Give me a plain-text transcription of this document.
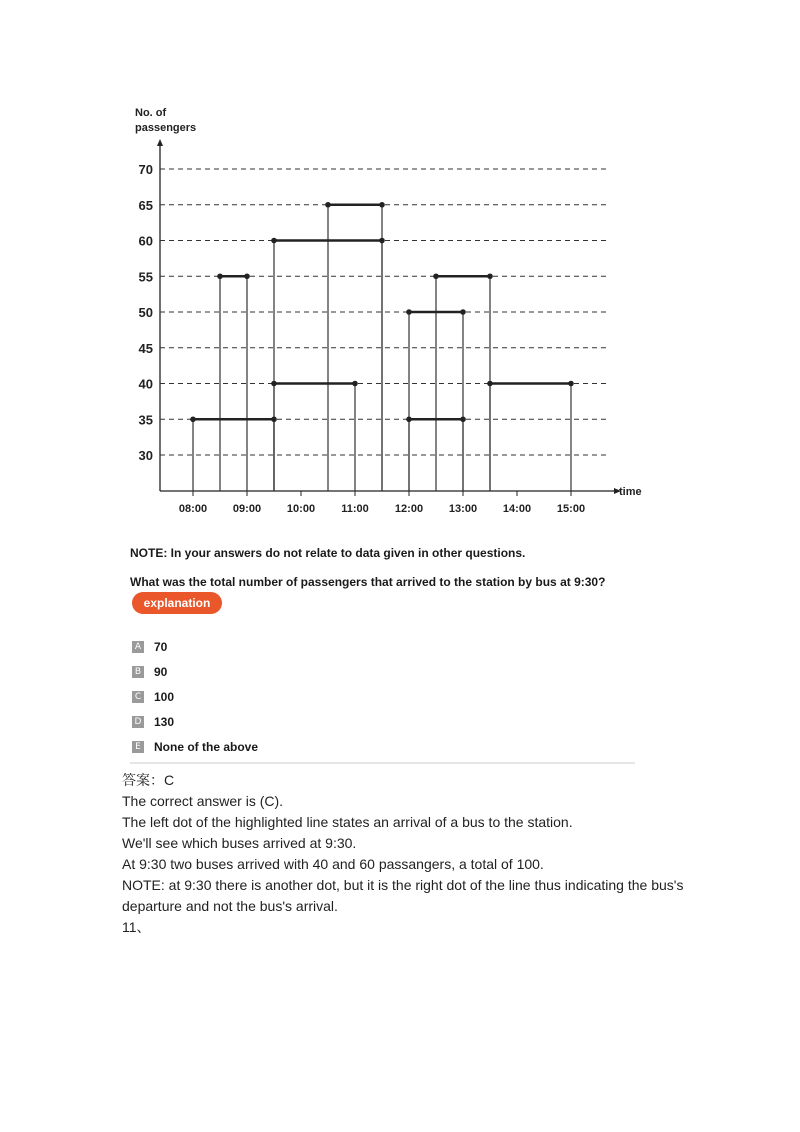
No. of
passengers
time
70
65
60
55
50
45
40
35
30
08:00 09:00 10:00 11:00 12:00 13:00 14:00 15:00
NOTE: In your answers do not relate to data given in other questions.
What was the total number of passengers that arrived to the station by bus at 9:30?
explanation
A 70
B 90
C 100
D 130
E None of the above

答案：C

The correct answer is (C).

The left dot of the highlighted line states an arrival of a bus to the station.

We'll see which buses arrived at 9:30.

At 9:30 two buses arrived with 40 and 60 passangers, a total of 100.

NOTE: at 9:30 there is another dot, but it is the right dot of the line thus indicating the bus's

departure and not the bus's arrival.

11、
